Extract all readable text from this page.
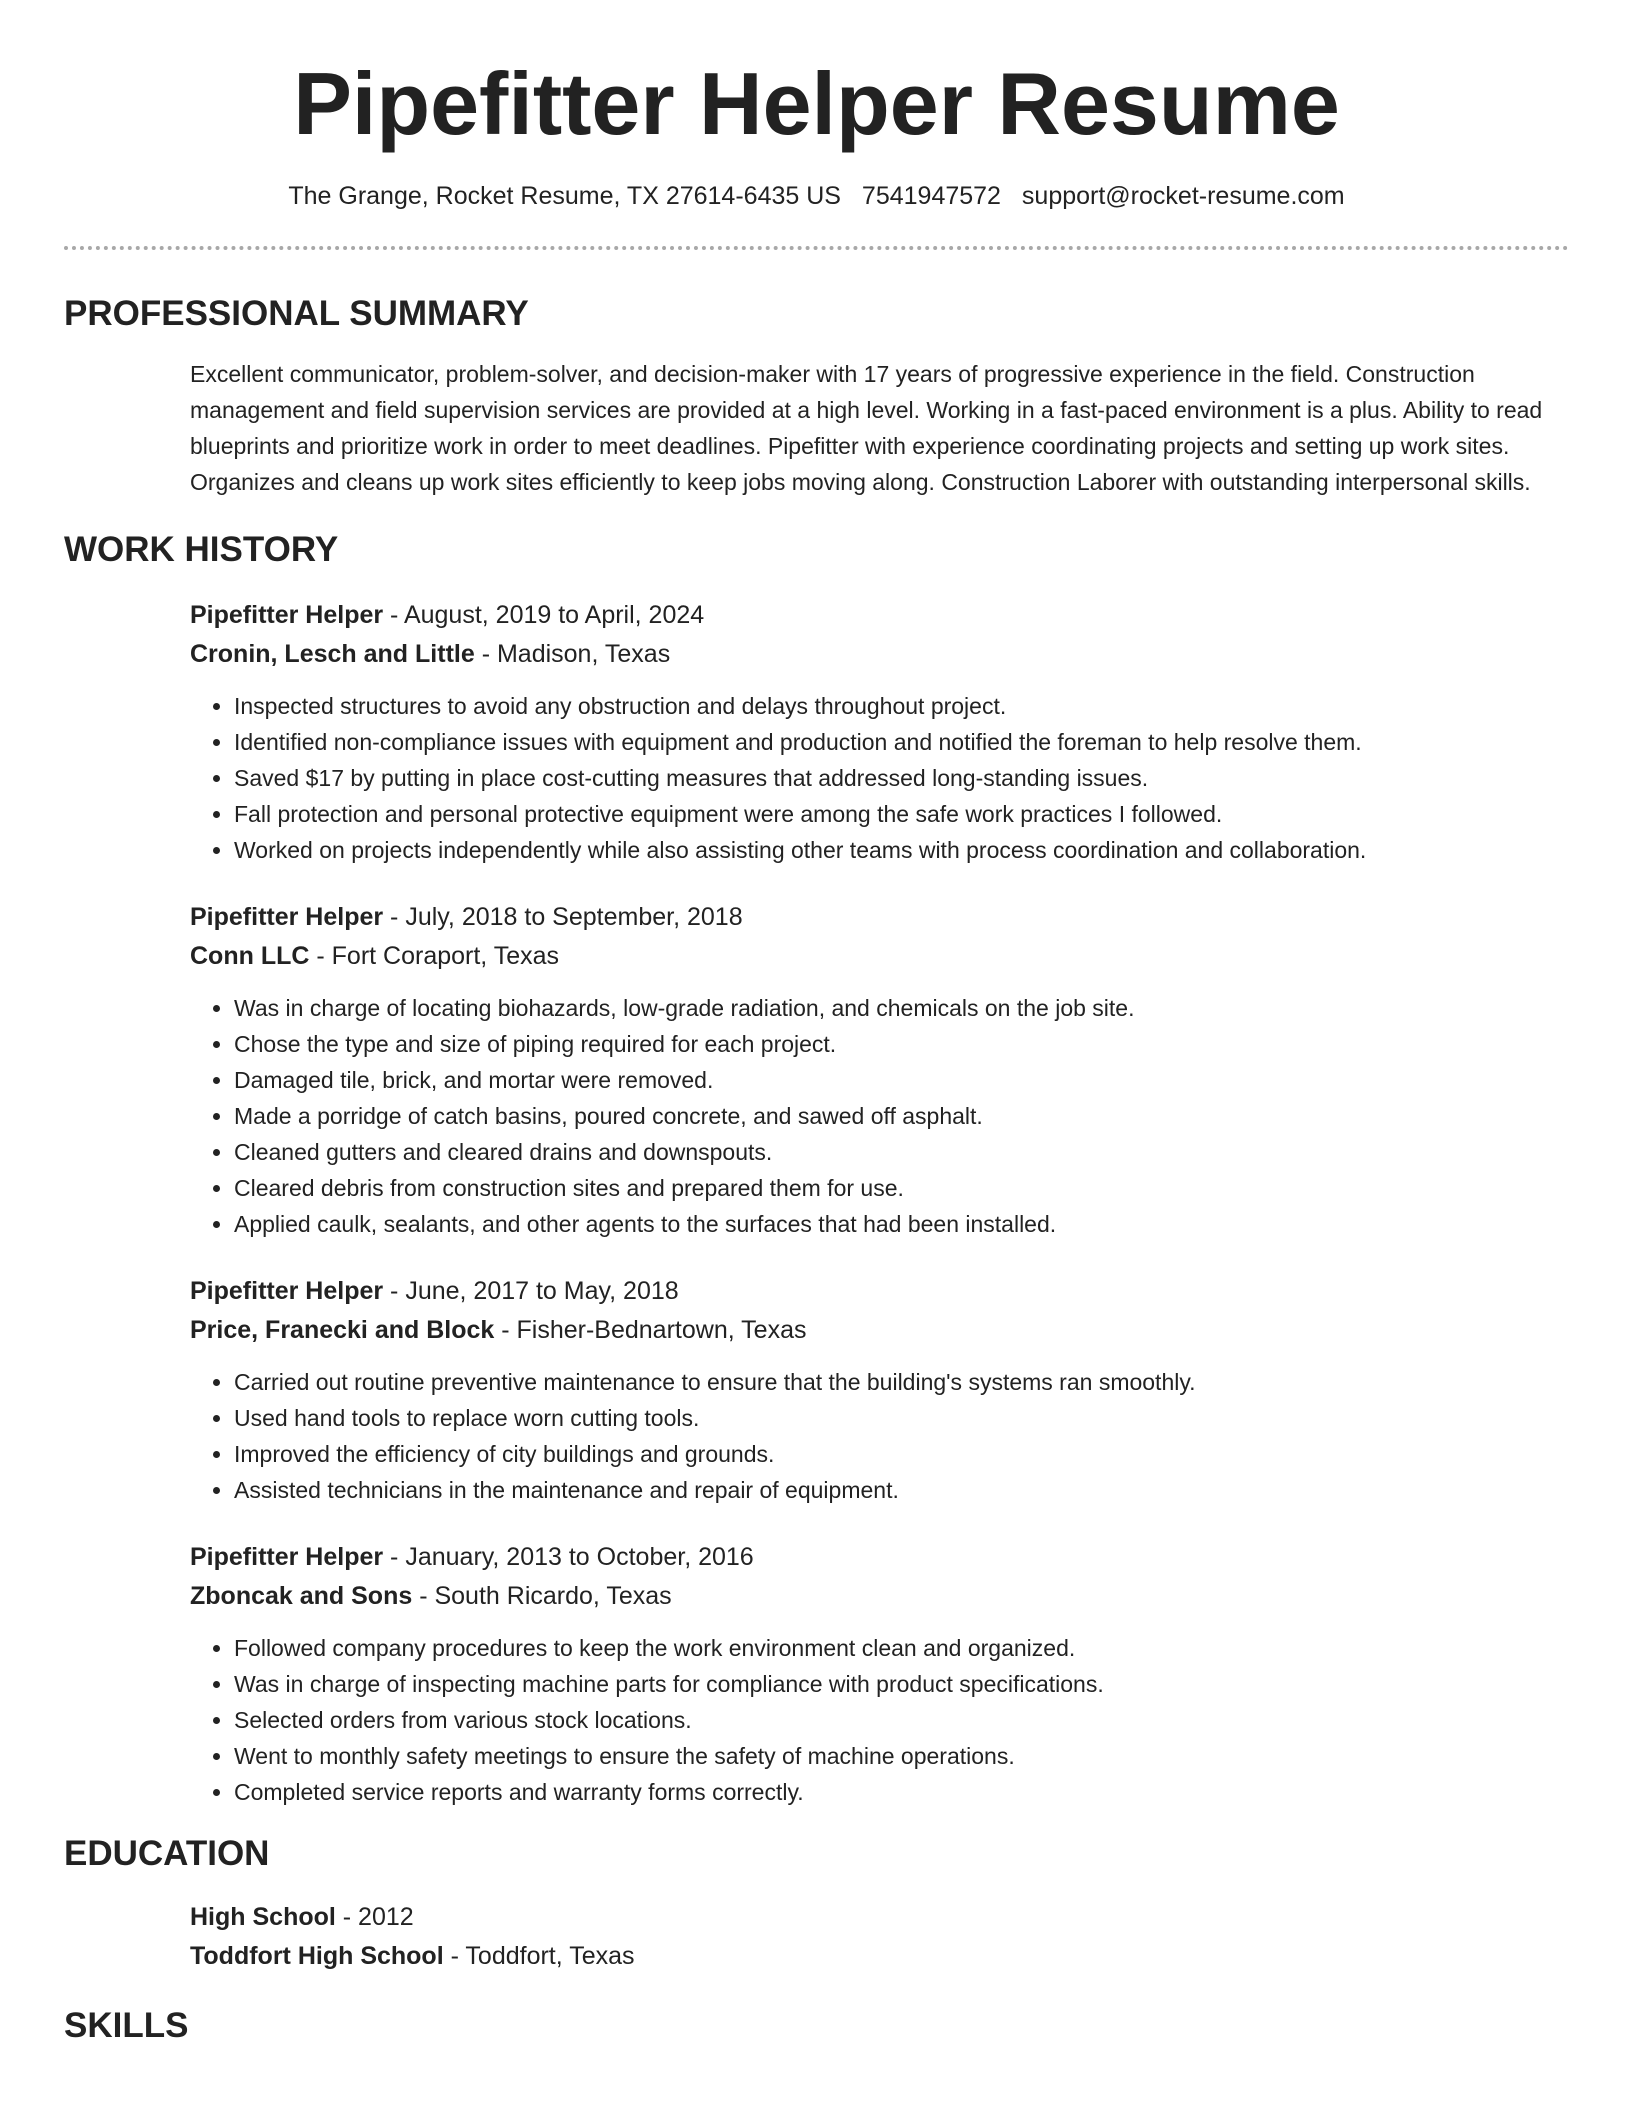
Pipefitter Helper Resume
The Grange, Rocket Resume, TX 27614-6435 US 7541947572 support@rocket-resume.com
PROFESSIONAL SUMMARY
Excellent communicator, problem-solver, and decision-maker with 17 years of progressive experience in the field. Construction management and field supervision services are provided at a high level. Working in a fast-paced environment is a plus. Ability to read blueprints and prioritize work in order to meet deadlines. Pipefitter with experience coordinating projects and setting up work sites. Organizes and cleans up work sites efficiently to keep jobs moving along. Construction Laborer with outstanding interpersonal skills.
WORK HISTORY
Pipefitter Helper - August, 2019 to April, 2024
Cronin, Lesch and Little - Madison, Texas
• Inspected structures to avoid any obstruction and delays throughout project.
• Identified non-compliance issues with equipment and production and notified the foreman to help resolve them.
• Saved $17 by putting in place cost-cutting measures that addressed long-standing issues.
• Fall protection and personal protective equipment were among the safe work practices I followed.
• Worked on projects independently while also assisting other teams with process coordination and collaboration.
Pipefitter Helper - July, 2018 to September, 2018
Conn LLC - Fort Coraport, Texas
• Was in charge of locating biohazards, low-grade radiation, and chemicals on the job site.
• Chose the type and size of piping required for each project.
• Damaged tile, brick, and mortar were removed.
• Made a porridge of catch basins, poured concrete, and sawed off asphalt.
• Cleaned gutters and cleared drains and downspouts.
• Cleared debris from construction sites and prepared them for use.
• Applied caulk, sealants, and other agents to the surfaces that had been installed.
Pipefitter Helper - June, 2017 to May, 2018
Price, Franecki and Block - Fisher-Bednartown, Texas
• Carried out routine preventive maintenance to ensure that the building's systems ran smoothly.
• Used hand tools to replace worn cutting tools.
• Improved the efficiency of city buildings and grounds.
• Assisted technicians in the maintenance and repair of equipment.
Pipefitter Helper - January, 2013 to October, 2016
Zboncak and Sons - South Ricardo, Texas
• Followed company procedures to keep the work environment clean and organized.
• Was in charge of inspecting machine parts for compliance with product specifications.
• Selected orders from various stock locations.
• Went to monthly safety meetings to ensure the safety of machine operations.
• Completed service reports and warranty forms correctly.
EDUCATION
High School - 2012
Toddfort High School - Toddfort, Texas
SKILLS
